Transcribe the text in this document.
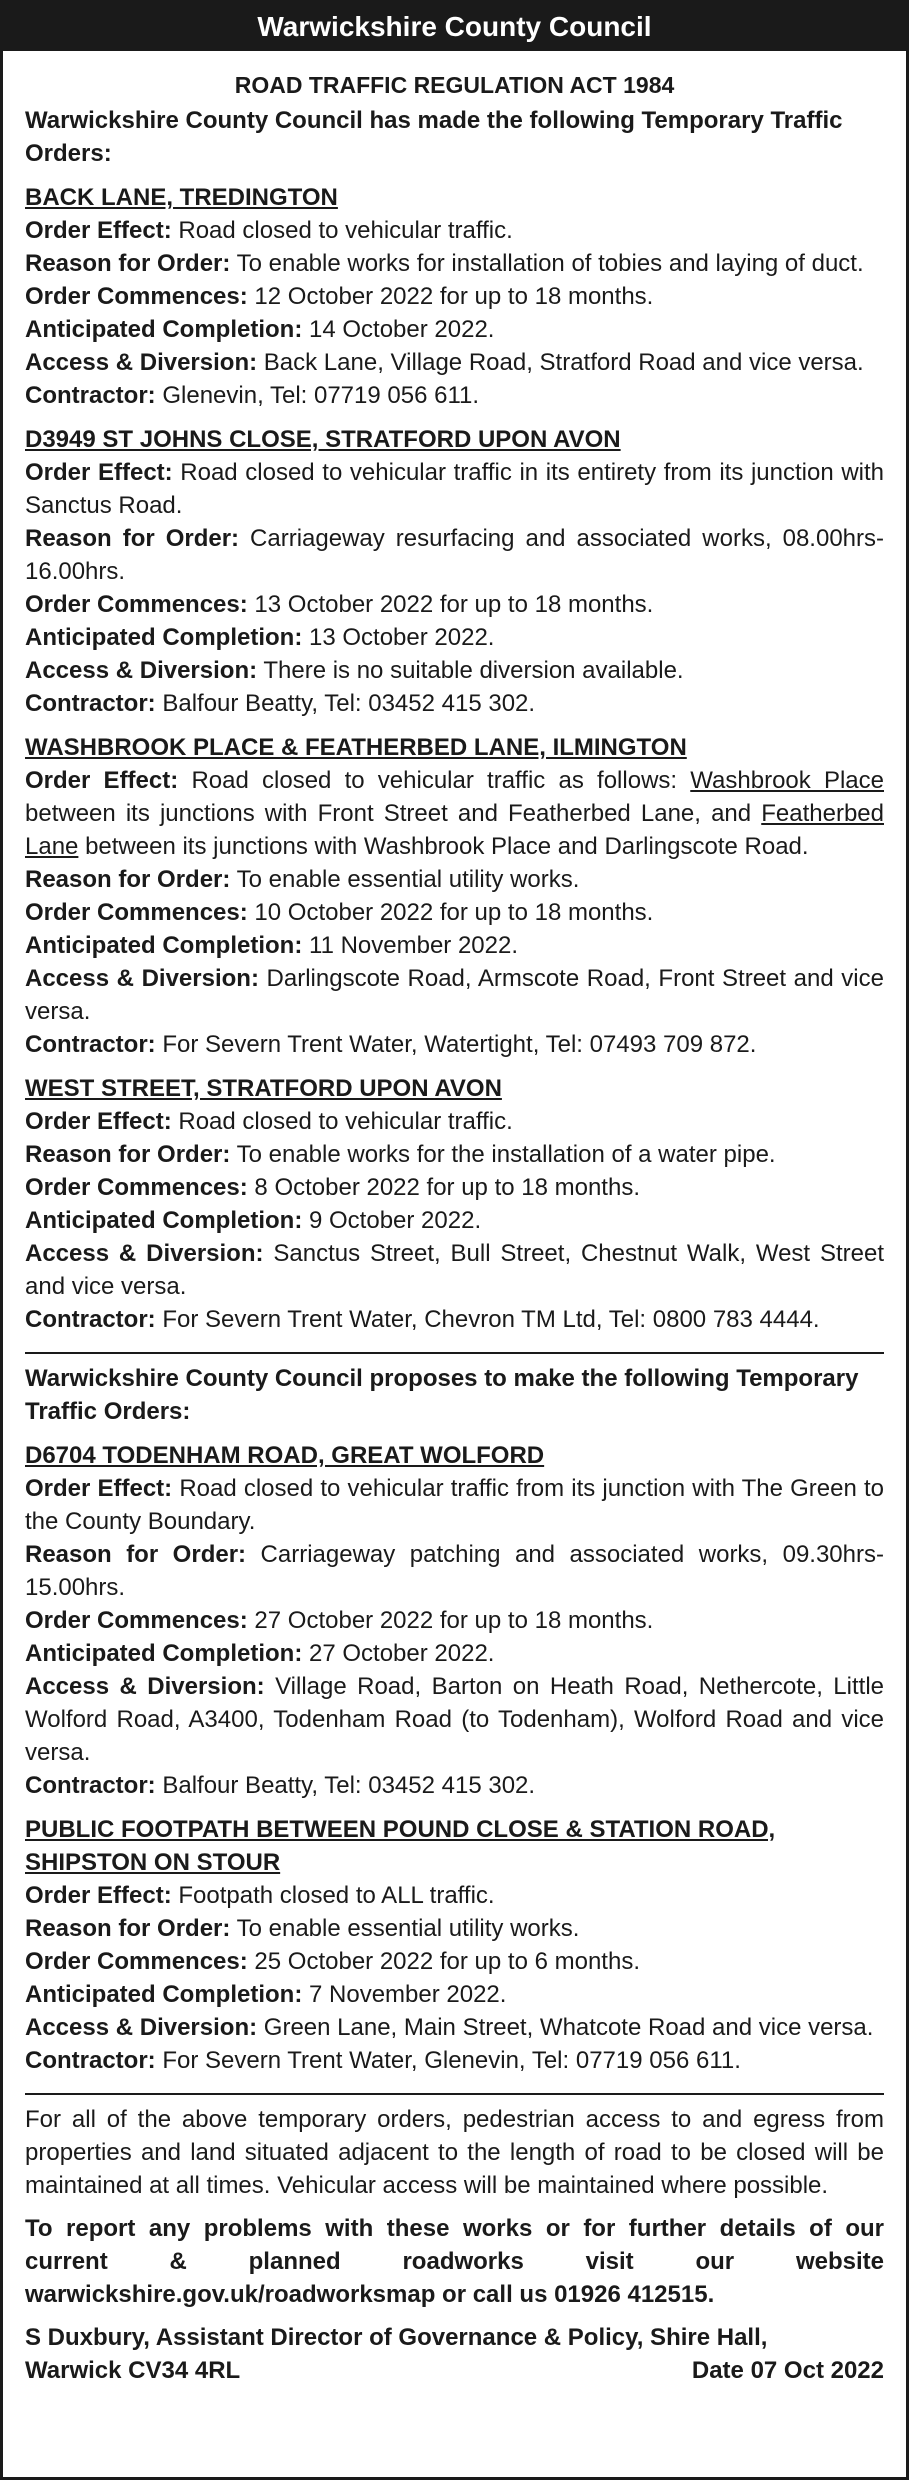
Warwickshire County Council
ROAD TRAFFIC REGULATION ACT 1984
Warwickshire County Council has made the following Temporary Traffic Orders:
BACK LANE, TREDINGTON
Order Effect: Road closed to vehicular traffic.
Reason for Order: To enable works for installation of tobies and laying of duct.
Order Commences: 12 October 2022 for up to 18 months.
Anticipated Completion: 14 October 2022.
Access & Diversion: Back Lane, Village Road, Stratford Road and vice versa.
Contractor: Glenevin, Tel: 07719 056 611.
D3949 ST JOHNS CLOSE, STRATFORD UPON AVON
Order Effect: Road closed to vehicular traffic in its entirety from its junction with Sanctus Road.
Reason for Order: Carriageway resurfacing and associated works, 08.00hrs-16.00hrs.
Order Commences: 13 October 2022 for up to 18 months.
Anticipated Completion: 13 October 2022.
Access & Diversion: There is no suitable diversion available.
Contractor: Balfour Beatty, Tel: 03452 415 302.
WASHBROOK PLACE & FEATHERBED LANE, ILMINGTON
Order Effect: Road closed to vehicular traffic as follows: Washbrook Place between its junctions with Front Street and Featherbed Lane, and Featherbed Lane between its junctions with Washbrook Place and Darlingscote Road.
Reason for Order: To enable essential utility works.
Order Commences: 10 October 2022 for up to 18 months.
Anticipated Completion: 11 November 2022.
Access & Diversion: Darlingscote Road, Armscote Road, Front Street and vice versa.
Contractor: For Severn Trent Water, Watertight, Tel: 07493 709 872.
WEST STREET, STRATFORD UPON AVON
Order Effect: Road closed to vehicular traffic.
Reason for Order: To enable works for the installation of a water pipe.
Order Commences: 8 October 2022 for up to 18 months.
Anticipated Completion: 9 October 2022.
Access & Diversion: Sanctus Street, Bull Street, Chestnut Walk, West Street and vice versa.
Contractor: For Severn Trent Water, Chevron TM Ltd, Tel: 0800 783 4444.
Warwickshire County Council proposes to make the following Temporary Traffic Orders:
D6704 TODENHAM ROAD, GREAT WOLFORD
Order Effect: Road closed to vehicular traffic from its junction with The Green to the County Boundary.
Reason for Order: Carriageway patching and associated works, 09.30hrs-15.00hrs.
Order Commences: 27 October 2022 for up to 18 months.
Anticipated Completion: 27 October 2022.
Access & Diversion: Village Road, Barton on Heath Road, Nethercote, Little Wolford Road, A3400, Todenham Road (to Todenham), Wolford Road and vice versa.
Contractor: Balfour Beatty, Tel: 03452 415 302.
PUBLIC FOOTPATH BETWEEN POUND CLOSE & STATION ROAD, SHIPSTON ON STOUR
Order Effect: Footpath closed to ALL traffic.
Reason for Order: To enable essential utility works.
Order Commences: 25 October 2022 for up to 6 months.
Anticipated Completion: 7 November 2022.
Access & Diversion: Green Lane, Main Street, Whatcote Road and vice versa.
Contractor: For Severn Trent Water, Glenevin, Tel: 07719 056 611.
For all of the above temporary orders, pedestrian access to and egress from properties and land situated adjacent to the length of road to be closed will be maintained at all times. Vehicular access will be maintained where possible.
To report any problems with these works or for further details of our current & planned roadworks visit our website warwickshire.gov.uk/roadworksmap or call us 01926 412515.
S Duxbury, Assistant Director of Governance & Policy, Shire Hall,
Warwick CV34 4RL	Date 07 Oct 2022
